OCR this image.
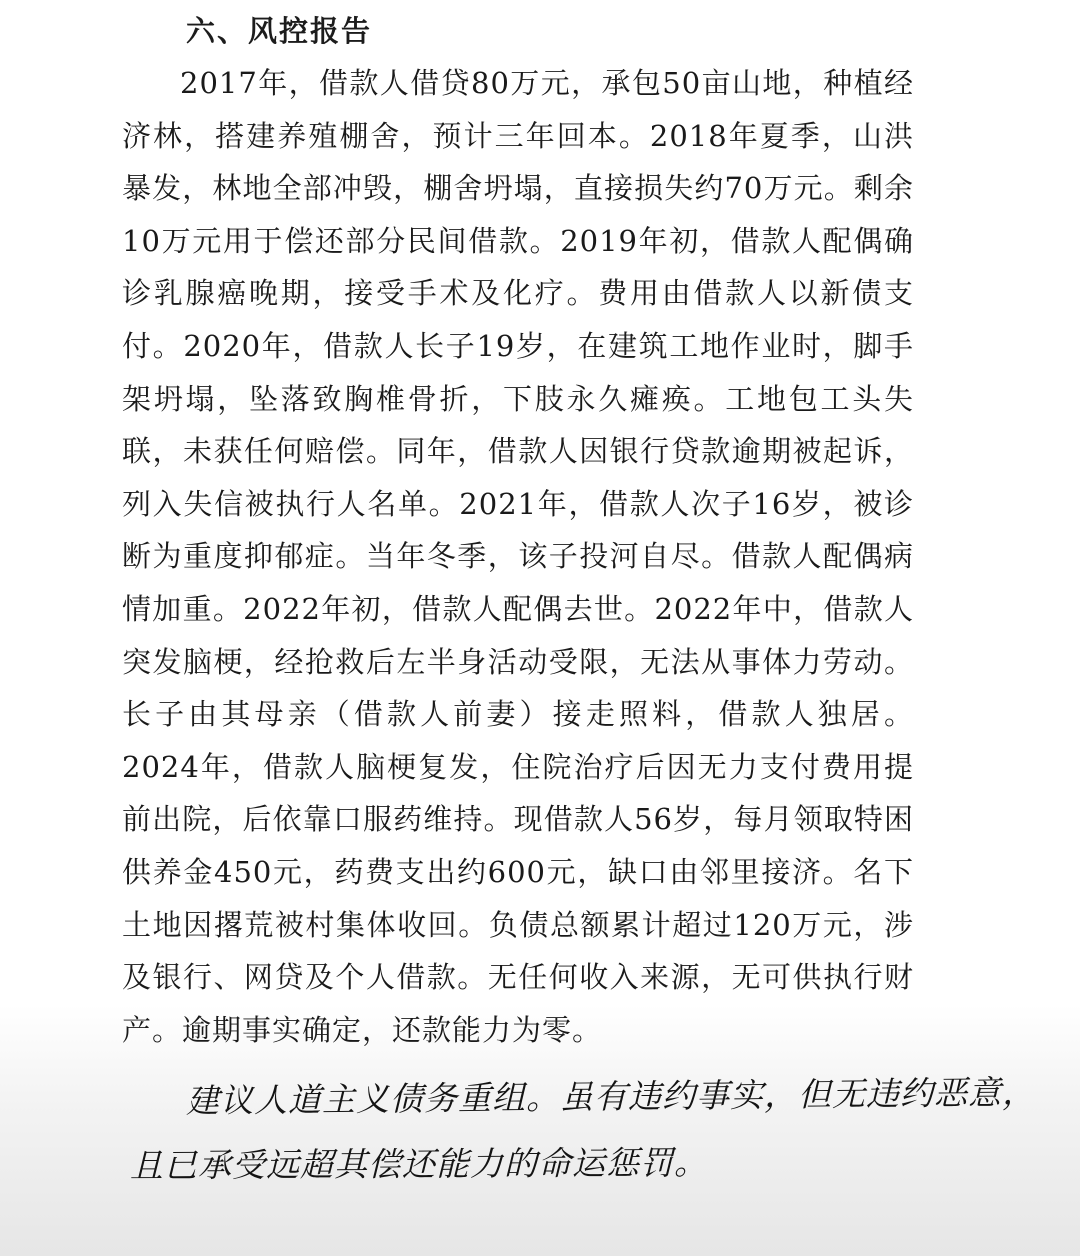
六、风控报告

2017年，借款人借贷80万元，承包50亩山地，种植经济林，搭建养殖棚舍，预计三年回本。2018年夏季，山洪暴发，林地全部冲毁，棚舍坍塌，直接损失约70万元。剩余10万元用于偿还部分民间借款。2019年初，借款人配偶确诊乳腺癌晚期，接受手术及化疗。费用由借款人以新债支付。2020年，借款人长子19岁，在建筑工地作业时，脚手架坍塌，坠落致胸椎骨折，下肢永久瘫痪。工地包工头失联，未获任何赔偿。同年，借款人因银行贷款逾期被起诉，列入失信被执行人名单。2021年，借款人次子16岁，被诊断为重度抑郁症。当年冬季，该子投河自尽。借款人配偶病情加重。2022年初，借款人配偶去世。2022年中，借款人突发脑梗，经抢救后左半身活动受限，无法从事体力劳动。长子由其母亲（借款人前妻）接走照料，借款人独居。2024年，借款人脑梗复发，住院治疗后因无力支付费用提前出院，后依靠口服药维持。现借款人56岁，每月领取特困供养金450元，药费支出约600元，缺口由邻里接济。名下土地因撂荒被村集体收回。负债总额累计超过120万元，涉及银行、网贷及个人借款。无任何收入来源，无可供执行财产。逾期事实确定，还款能力为零。

建议人道主义债务重组。虽有违约事实，但无违约恶意，
且已承受远超其偿还能力的命运惩罚。
